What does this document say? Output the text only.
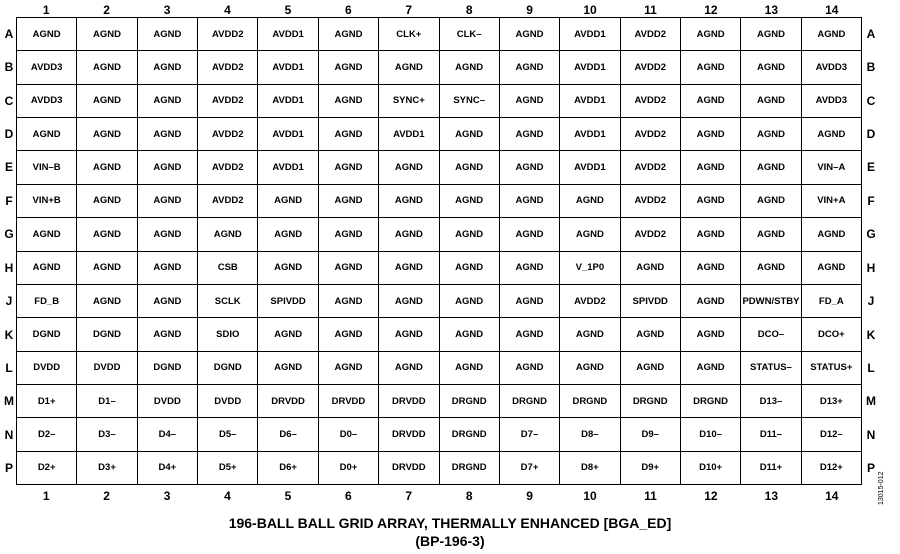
1	2	3	4	5	6	7	8	9	10	11	12	13	14
A
B
C
D
E
F
G
H
J
K
L
M
N
P
AGND	AGND	AGND	AVDD2	AVDD1	AGND	CLK+	CLK–	AGND	AVDD1	AVDD2	AGND	AGND	AGND
AVDD3	AGND	AGND	AVDD2	AVDD1	AGND	AGND	AGND	AGND	AVDD1	AVDD2	AGND	AGND	AVDD3
AVDD3	AGND	AGND	AVDD2	AVDD1	AGND	SYNC+	SYNC–	AGND	AVDD1	AVDD2	AGND	AGND	AVDD3
AGND	AGND	AGND	AVDD2	AVDD1	AGND	AVDD1	AGND	AGND	AVDD1	AVDD2	AGND	AGND	AGND
VIN–B	AGND	AGND	AVDD2	AVDD1	AGND	AGND	AGND	AGND	AVDD1	AVDD2	AGND	AGND	VIN–A
VIN+B	AGND	AGND	AVDD2	AGND	AGND	AGND	AGND	AGND	AGND	AVDD2	AGND	AGND	VIN+A
AGND	AGND	AGND	AGND	AGND	AGND	AGND	AGND	AGND	AGND	AVDD2	AGND	AGND	AGND
AGND	AGND	AGND	CSB	AGND	AGND	AGND	AGND	AGND	V_1P0	AGND	AGND	AGND	AGND
FD_B	AGND	AGND	SCLK	SPIVDD	AGND	AGND	AGND	AGND	AVDD2	SPIVDD	AGND	PDWN/STBY	FD_A
DGND	DGND	AGND	SDIO	AGND	AGND	AGND	AGND	AGND	AGND	AGND	AGND	DCO–	DCO+
DVDD	DVDD	DGND	DGND	AGND	AGND	AGND	AGND	AGND	AGND	AGND	AGND	STATUS–	STATUS+
D1+	D1–	DVDD	DVDD	DRVDD	DRVDD	DRVDD	DRGND	DRGND	DRGND	DRGND	DRGND	D13–	D13+
D2–	D3–	D4–	D5–	D6–	D0–	DRVDD	DRGND	D7–	D8–	D9–	D10–	D11–	D12–
D2+	D3+	D4+	D5+	D6+	D0+	DRVDD	DRGND	D7+	D8+	D9+	D10+	D11+	D12+
A
B
C
D
E
F
G
H
J
K
L
M
N
P
1	2	3	4	5	6	7	8	9	10	11	12	13	14
196-BALL BALL GRID ARRAY, THERMALLY ENHANCED [BGA_ED]
(BP-196-3)
13015-012
